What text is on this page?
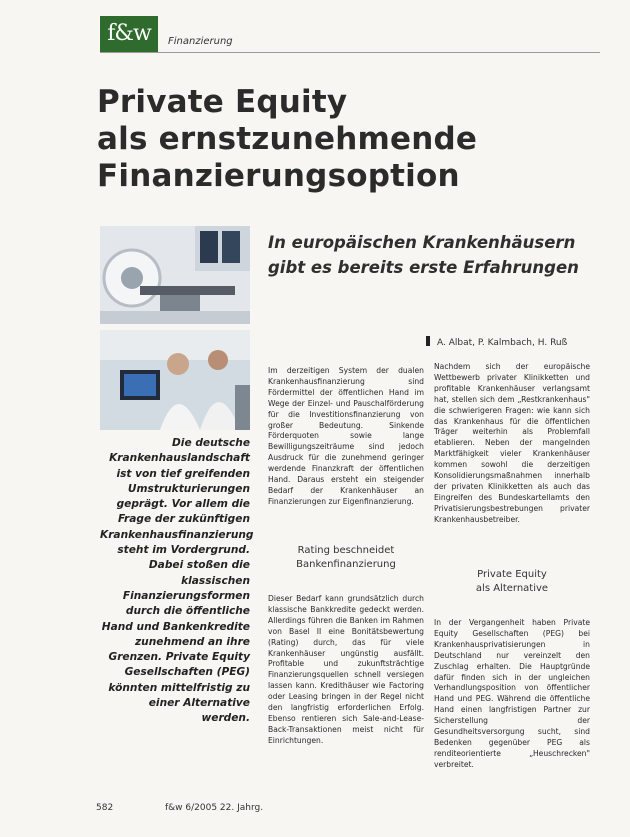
f&w	Finanzierung
Private Equity
als ernstzunehmende
Finanzierungsoption
In europäischen Krankenhäusern
gibt es bereits erste Erfahrungen
A. Albat, P. Kalmbach, H. Ruß
Die deutsche Krankenhauslandschaft ist von tief greifenden Umstrukturierungen geprägt. Vor allem die Frage der zukünftigen Krankenhausfinanzierung steht im Vordergrund. Dabei stoßen die klassischen Finanzierungsformen durch die öffentliche Hand und Bankenkredite zunehmend an ihre Grenzen. Private Equity Gesellschaften (PEG) könnten mittelfristig zu einer Alternative werden.
Im derzeitigen System der dualen Krankenhausfinanzierung sind Fördermittel der öffentlichen Hand im Wege der Einzel- und Pauschalförderung für die Investitionsfinanzierung von großer Bedeutung. Sinkende Förderquoten sowie lange Bewilligungszeiträume sind jedoch Ausdruck für die zunehmend geringer werdende Finanzkraft der öffentlichen Hand. Daraus ersteht ein steigender Bedarf der Krankenhäuser an Finanzierungen zur Eigenfinanzierung.
Rating beschneidet
Bankenfinanzierung
Dieser Bedarf kann grundsätzlich durch klassische Bankkredite gedeckt werden. Allerdings führen die Banken im Rahmen von Basel II eine Bonitätsbewertung (Rating) durch, das für viele Krankenhäuser ungünstig ausfällt. Profitable und zukunftsträchtige Finanzierungsquellen schnell versiegen lassen kann. Kredithäuser wie Factoring oder Leasing bringen in der Regel nicht den langfristig erforderlichen Erfolg. Ebenso rentieren sich Sale-and-Lease-Back-Transaktionen meist nicht für Einrichtungen.
Nachdem sich der europäische Wettbewerb privater Klinikketten und profitable Krankenhäuser verlangsamt hat, stellen sich dem „Restkrankenhaus" die schwierigeren Fragen: wie kann sich das Krankenhaus für die öffentlichen Träger weiterhin als Problemfall etablieren. Neben der mangelnden Marktfähigkeit vieler Krankenhäuser kommen sowohl die derzeitigen Konsolidierungsmaßnahmen innerhalb der privaten Klinikketten als auch das Eingreifen des Bundeskartellamts den Privatisierungsbestrebungen privater Krankenhausbetreiber.
Private Equity
als Alternative
In der Vergangenheit haben Private Equity Gesellschaften (PEG) bei Krankenhausprivatisierungen in Deutschland nur vereinzelt den Zuschlag erhalten. Die Hauptgründe dafür finden sich in der ungleichen Verhandlungsposition von öffentlicher Hand und PEG. Während die öffentliche Hand einen langfristigen Partner zur Sicherstellung der Gesundheitsversorgung sucht, sind Bedenken gegenüber PEG als renditeorientierte „Heuschrecken" verbreitet.
582	f&w 6/2005 22. Jahrg.
